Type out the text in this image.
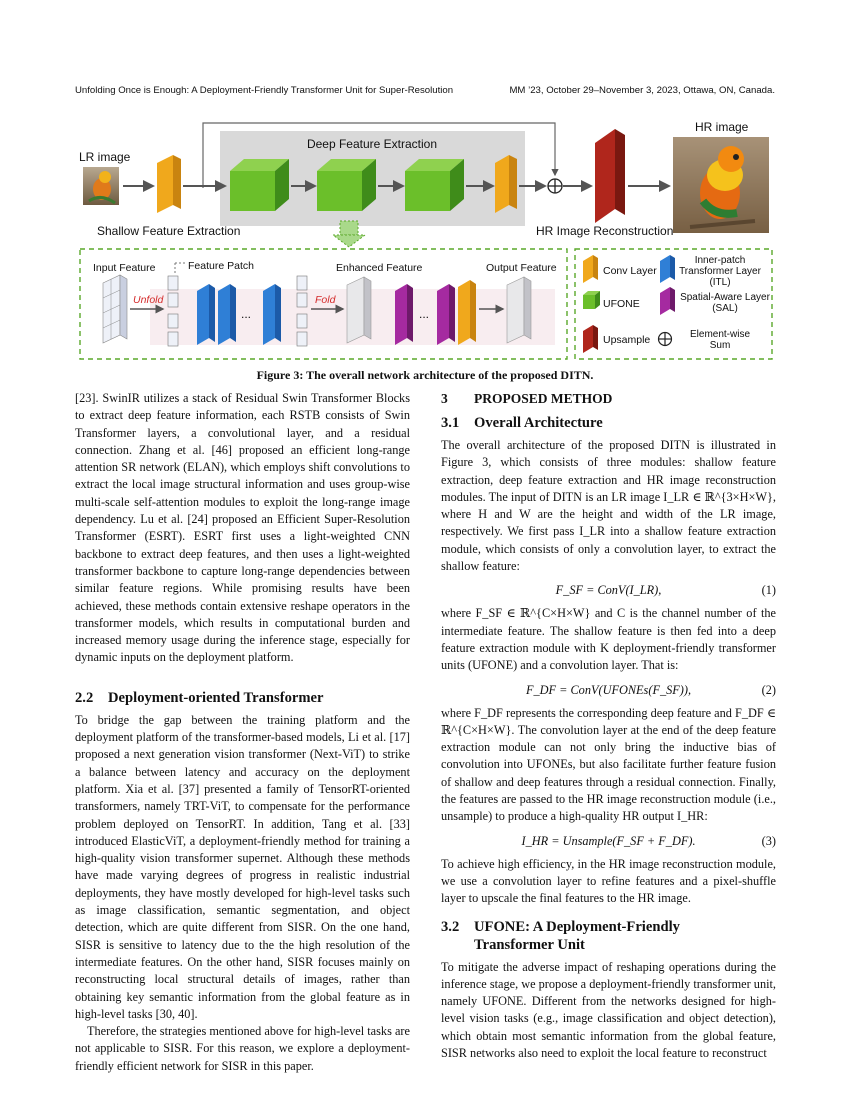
Unfolding Once is Enough: A Deployment-Friendly Transformer Unit for Super-Resolution	MM ’23, October 29–November 3, 2023, Ottawa, ON, Canada.
Deep Feature Extraction
LR image
HR image
Shallow Feature Extraction	HR Image Reconstruction
Input Feature	Feature Patch	Enhanced Feature	Output Feature
Unfold
...
Fold
...
Conv Layer
Inner-patch
Transformer Layer
(ITL)
UFONE
Spatial-Aware Layer
(SAL)
Upsample	Element-wise
Sum
Figure 3: The overall network architecture of the proposed DITN.

[23]. SwinIR utilizes a stack of Residual Swin Transformer Blocks to extract deep feature information, each RSTB consists of Swin Transformer layers, a convolutional layer, and a residual connection. Zhang et al. [46] proposed an efficient long-range attention SR network (ELAN), which employs shift convolutions to extract the local image structural information and uses group-wise multi-scale self-attention modules to exploit the long-range image dependency. Lu et al. [24] proposed an Efficient Super-Resolution Transformer (ESRT). ESRT first uses a light-weighted CNN backbone to extract deep features, and then uses a light-weighted transformer backbone to capture long-range dependencies between similar feature regions. While promising results have been achieved, these methods contain extensive reshape operators in the transformer models, which results in computational burden and increased memory usage during the inference stage, especially for dynamic inputs on the deployment platform.

2.2 Deployment-oriented Transformer

To bridge the gap between the training platform and the deployment platform of the transformer-based models, Li et al. [17] proposed a next generation vision transformer (Next-ViT) to strike a balance between latency and accuracy on the deployment platform. Xia et al. [37] presented a family of TensorRT-oriented transformers, namely TRT-ViT, to compensate for the performance problem deployed on TensorRT. In addition, Tang et al. [33] introduced ElasticViT, a deployment-friendly method for training a high-quality vision transformer supernet. Although these methods have made varying degrees of progress in realistic industrial deployments, they have mostly developed for high-level tasks such as image classification, semantic segmentation, and object detection, which are quite different from SISR. On the one hand, SISR is sensitive to latency due to the the high resolution of the intermediate features. On the other hand, SISR focuses mainly on reconstructing local structural details of images, rather than obtaining key semantic information from the global feature as in high-level tasks [30, 40].

Therefore, the strategies mentioned above for high-level tasks are not applicable to SISR. For this reason, we explore a deployment-friendly efficient network for SISR in this paper.

3 PROPOSED METHOD
3.1 Overall Architecture

The overall architecture of the proposed DITN is illustrated in Figure 3, which consists of three modules: shallow feature extraction, deep feature extraction and HR image reconstruction modules. The input of DITN is an LR image I_LR ∈ ℝ^{3×H×W}, where H and W are the height and width of the LR image, respectively. We first pass I_LR into a shallow feature extraction module, which consists of only a convolution layer, to extract the shallow feature:

F_SF = ConV(I_LR),	(1)

where F_SF ∈ ℝ^{C×H×W} and C is the channel number of the intermediate feature. The shallow feature is then fed into a deep feature extraction module with K deployment-friendly transformer units (UFONE) and a convolution layer. That is:

F_DF = ConV(UFONEs(F_SF)),	(2)

where F_DF represents the corresponding deep feature and F_DF ∈ ℝ^{C×H×W}. The convolution layer at the end of the deep feature extraction module can not only bring the inductive bias of convolution into UFONEs, but also facilitate further feature fusion of shallow and deep features through a residual connection. Finally, the features are passed to the HR image reconstruction module (i.e., unsample) to produce a high-quality HR output I_HR:

I_HR = Unsample(F_SF + F_DF).	(3)

To achieve high efficiency, in the HR image reconstruction module, we use a convolution layer to refine features and a pixel-shuffle layer to upscale the final features to the HR image.

3.2 UFONE: A Deployment-Friendly
Transformer Unit

To mitigate the adverse impact of reshaping operations during the inference stage, we propose a deployment-friendly transformer unit, namely UFONE. Different from the networks designed for high-level vision tasks (e.g., image classification and object detection), which obtain most semantic information from the global feature, SISR networks also need to exploit the local feature to reconstruct
